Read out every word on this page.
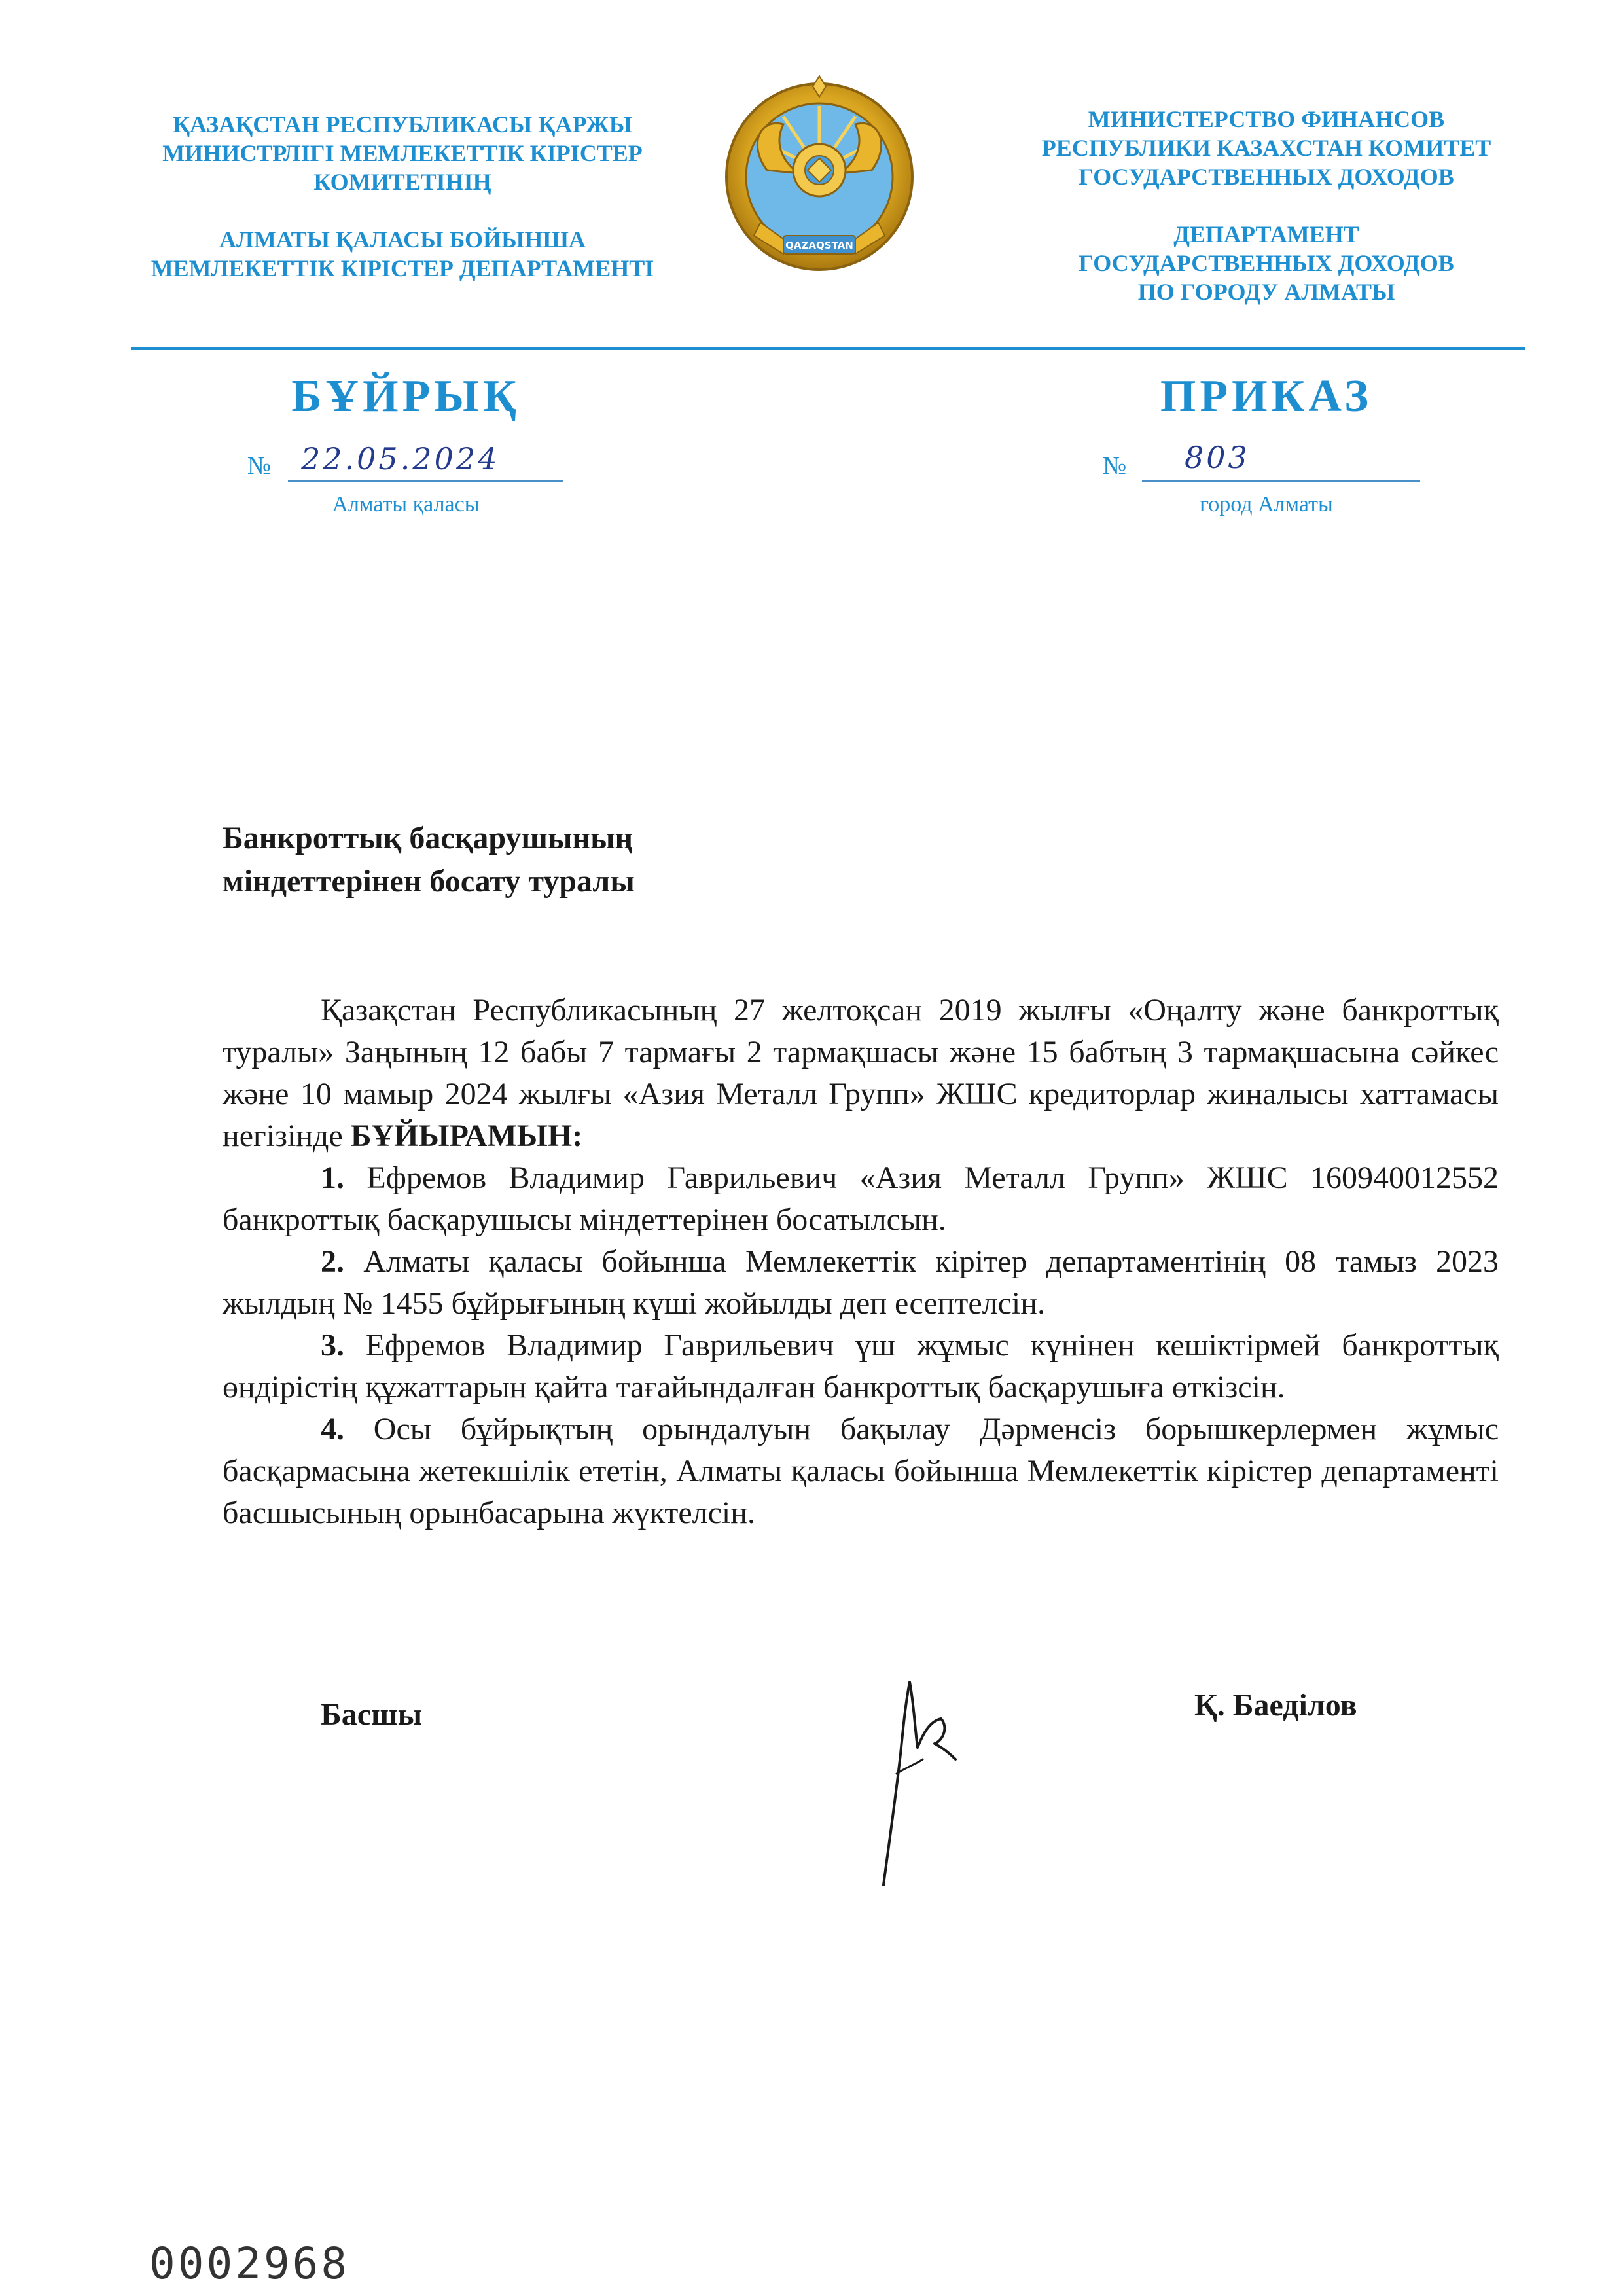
ҚАЗАҚСТАН РЕСПУБЛИКАСЫ ҚАРЖЫ
МИНИСТРЛІГІ МЕМЛЕКЕТТІК КІРІСТЕР
КОМИТЕТІНІҢ
АЛМАТЫ ҚАЛАСЫ БОЙЫНША
МЕМЛЕКЕТТІК КІРІСТЕР ДЕПАРТАМЕНТІ
QAZAQSTAN
МИНИСТЕРСТВО ФИНАНСОВ
РЕСПУБЛИКИ КАЗАХСТАН КОМИТЕТ
ГОСУДАРСТВЕННЫХ ДОХОДОВ
ДЕПАРТАМЕНТ
ГОСУДАРСТВЕННЫХ ДОХОДОВ
ПО ГОРОДУ АЛМАТЫ
БҰЙРЫҚ	ПРИКАЗ
№ 22.05.2024
Алматы қаласы
№ 803
город Алматы
Банкроттық басқарушының
міндеттерінен босату туралы

Қазақстан Республикасының 27 желтоқсан 2019 жылғы «Оңалту және банкроттық туралы» Заңының 12 бабы 7 тармағы 2 тармақшасы және 15 бабтың 3 тармақшасына сәйкес және 10 мамыр 2024 жылғы «Азия Металл Групп» ЖШС кредиторлар жиналысы хаттамасы негізінде БҰЙЫРАМЫН:

1. Ефремов Владимир Гаврильевич «Азия Металл Групп» ЖШС 160940012552 банкроттық басқарушысы міндеттерінен босатылсын.

2. Алматы қаласы бойынша Мемлекеттік кірітер департаментінің 08 тамыз 2023 жылдың № 1455 бұйрығының күші жойылды деп есептелсін.

3. Ефремов Владимир Гаврильевич үш жұмыс күнінен кешіктірмей банкроттық өндірістің құжаттарын қайта тағайындалған банкроттық басқарушыға өткізсін.

4. Осы бұйрықтың орындалуын бақылау Дәрменсіз борышкерлермен жұмыс басқармасына жетекшілік ететін, Алматы қаласы бойынша Мемлекеттік кірістер департаменті басшысының орынбасарына жүктелсін.

Басшы	Қ. Баеділов
0002968
